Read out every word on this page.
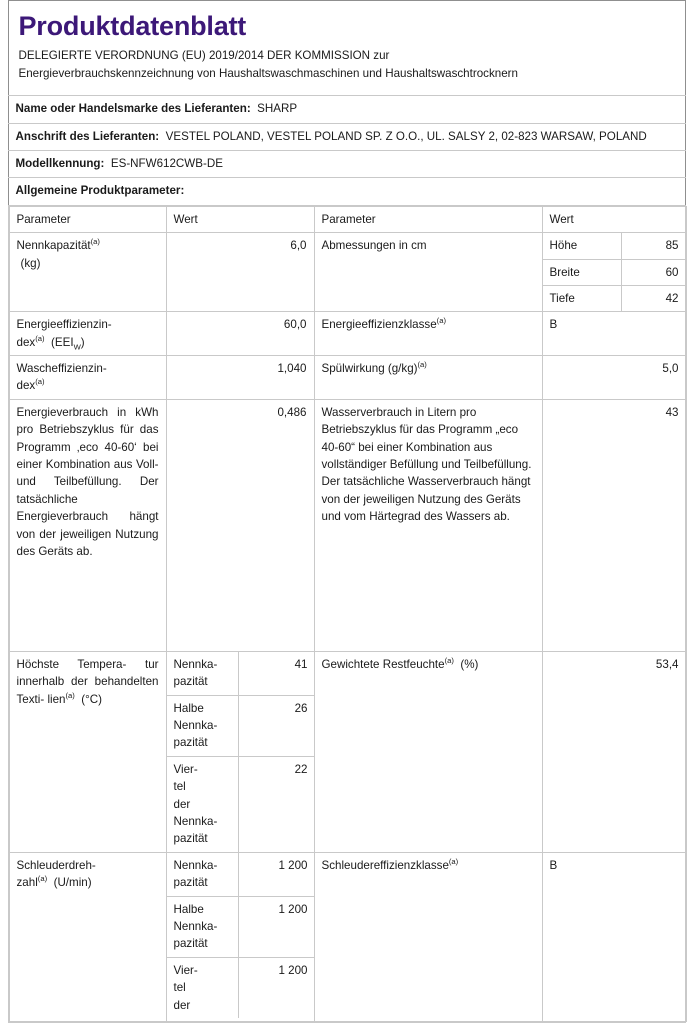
Produktdatenblatt
DELEGIERTE VERORDNUNG (EU) 2019/2014 DER KOMMISSION zur
Energieverbrauchskennzeichnung von Haushaltswaschmaschinen und Haushaltswaschtrocknern

Name oder Handelsmarke des Lieferanten: SHARP
Anschrift des Lieferanten: VESTEL POLAND, VESTEL POLAND SP. Z O.O., UL. SALSY 2, 02-823 WARSAW, POLAND
Modellkennung: ES-NFW612CWB-DE
Allgemeine Produktparameter:

Parameter	Wert	Parameter	Wert
Nennkapazität$^{(a)}$
(kg)	6,0	Abmessungen in cm		Höhe	85
Breite	60
Tiefe	42

Energieeffizienzin-
dex$^{(a)}$ $(EEI_W)$	60,0	Energieeffizienzklasse$^{(a)}$	B
Wascheffizienzin-
dex$^{(a)}$	1,040	Spülwirkung $(g/kg)^{(a)}$	5,0
Energieverbrauch in kWh pro Betriebszyklus für das Programm ‚eco 40-60‘ bei einer Kombination aus Voll- und Teilbefüllung. Der tatsächliche Energieverbrauch hängt von der jeweiligen Nutzung des Geräts ab.	0,486	Wasserverbrauch in Litern pro Betriebszyklus für das Programm „eco 40-60“ bei einer Kombination aus vollständiger Befüllung und Teilbefüllung. Der tatsächliche Wasserverbrauch hängt von der jeweiligen Nutzung des Geräts und vom Härtegrad des Wassers ab.	43
Höchste Tempera- tur innerhalb der behandelten Texti- lien$^{(a)}$ (°C)	
Nennka-
pazität	41
Halbe Nennka-
pazität	26
Vier-
tel
der Nennka-
pazität	22
	Gewichtete Restfeuchte$^{(a)}$ (%)	53,4
Schleuderdreh-
zahl$^{(a)}$ (U/min)	
Nennka-
pazität	1 200
Halbe Nennka-
pazität	1 200
Vier-
tel
der	1 200
	Schleudereffizienzklasse$^{(a)}$	B
